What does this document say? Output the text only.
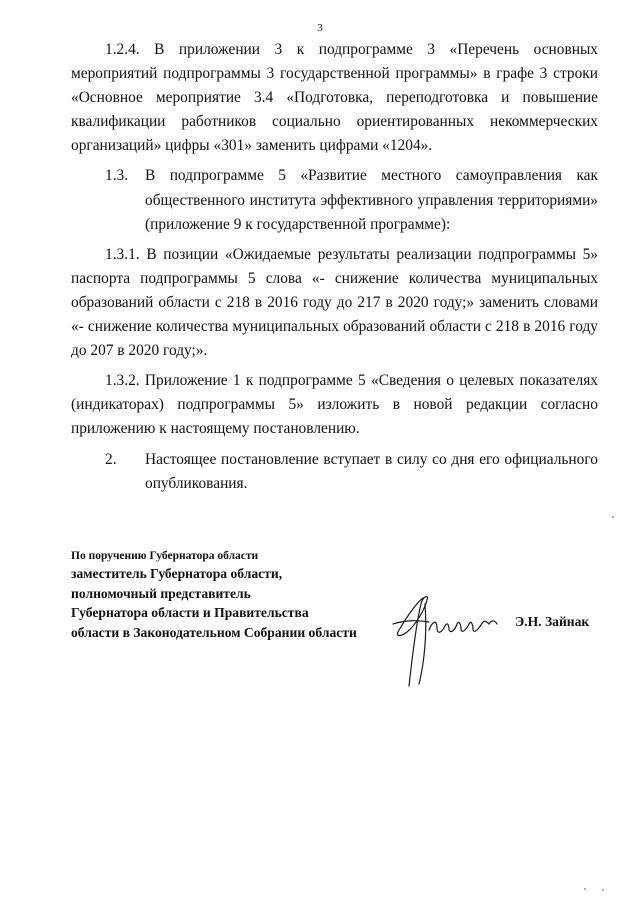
3

1.2.4. В приложении 3 к подпрограмме 3 «Перечень основных мероприятий подпрограммы 3 государственной программы» в графе 3 строки «Основное мероприятие 3.4 «Подготовка, переподготовка и повышение квалификации работников социально ориентированных некоммерческих организаций» цифры «301» заменить цифрами «1204».

1.3.	В подпрограмме 5 «Развитие местного самоуправления как общественного института эффективного управления территориями» (приложение 9 к государственной программе):

1.3.1. В позиции «Ожидаемые результаты реализации подпрограммы 5» паспорта подпрограммы 5 слова «- снижение количества муниципальных образований области с 218 в 2016 году до 217 в 2020 году;» заменить словами «- снижение количества муниципальных образований области с 218 в 2016 году до 207 в 2020 году;».

1.3.2. Приложение 1 к подпрограмме 5 «Сведения о целевых показателях (индикаторах) подпрограммы 5» изложить в новой редакции согласно приложению к настоящему постановлению.

2.	Настоящее постановление вступает в силу со дня его официального опубликования.

По поручению Губернатора области
заместитель Губернатора области,
полномочный представитель
Губернатора области и Правительства
области в Законодательном Собрании области
Э.Н. Зайнак
